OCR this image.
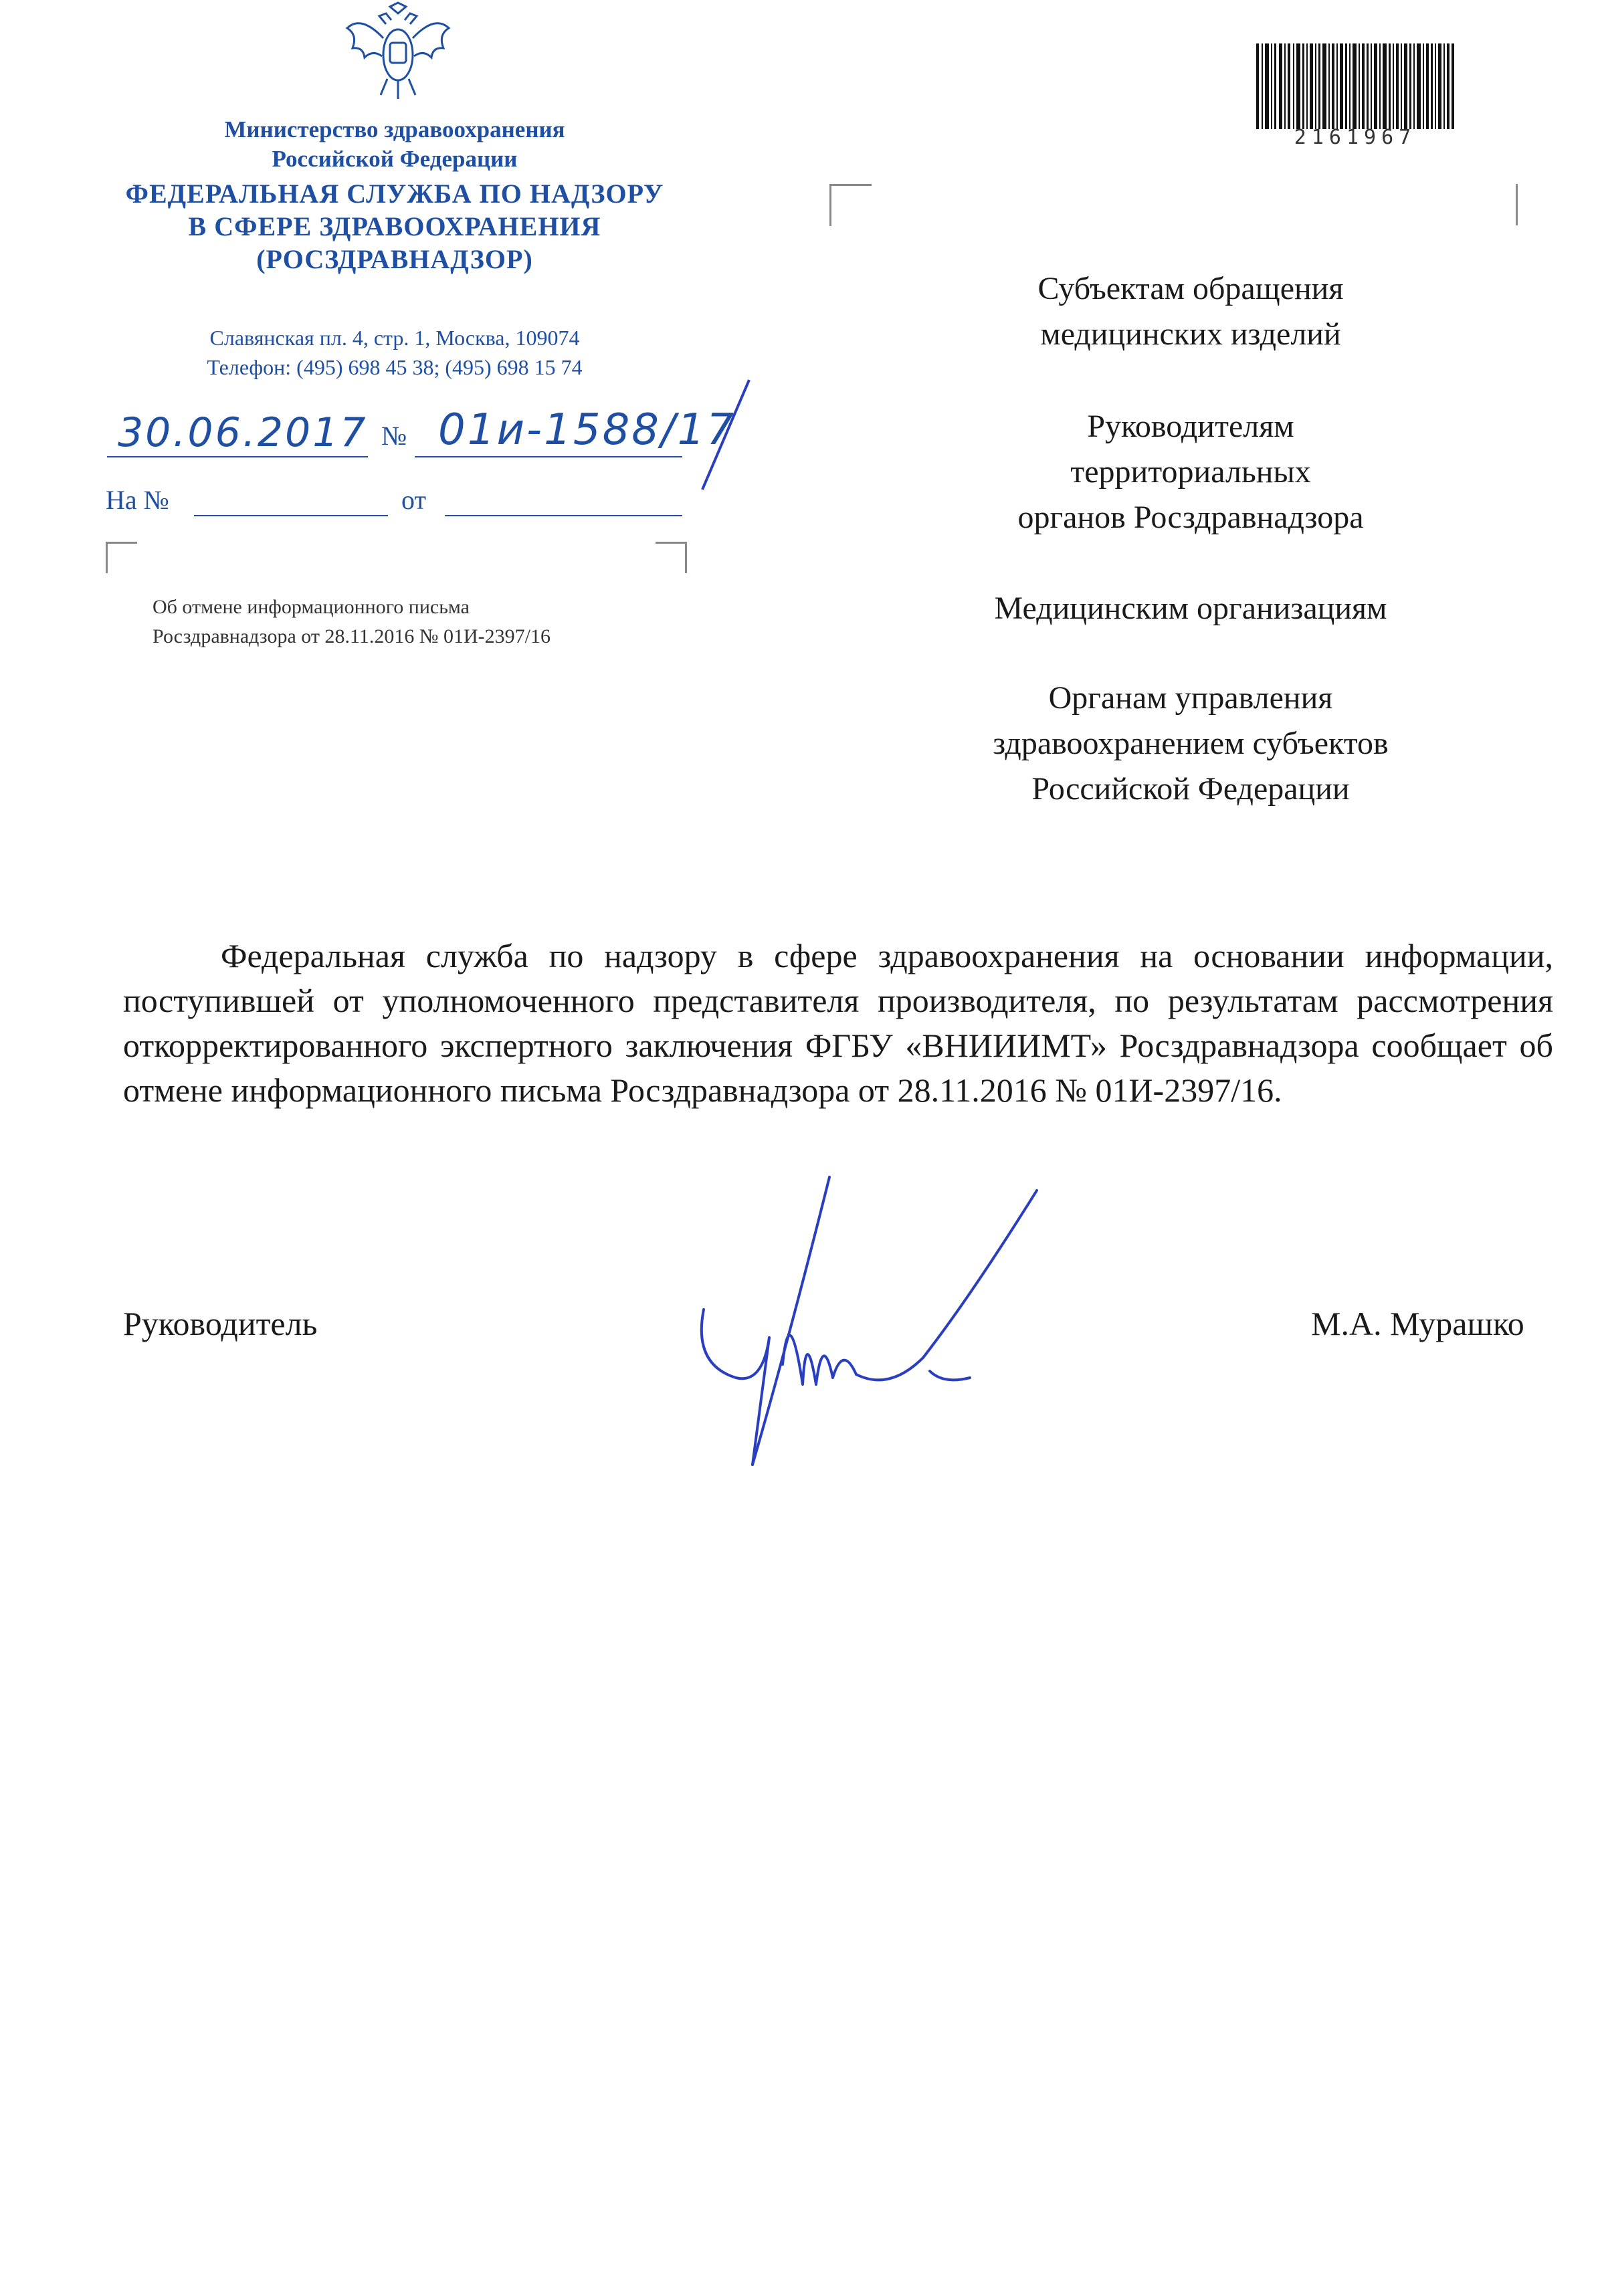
Министерство здравоохранения
Российской Федерации
ФЕДЕРАЛЬНАЯ СЛУЖБА ПО НАДЗОРУ
В СФЕРЕ ЗДРАВООХРАНЕНИЯ
(РОСЗДРАВНАДЗОР)
Славянская пл. 4, стр. 1, Москва, 109074
Телефон: (495) 698 45 38; (495) 698 15 74
30.06.2017 № 01и-1588/17
На №	от
Об отмене информационного письма
Росздравнадзора от 28.11.2016 № 01И-2397/16
2161967
Субъектам обращения
медицинских изделий
Руководителям
территориальных
органов Росздравнадзора
Медицинским организациям
Органам управления
здравоохранением субъектов
Российской Федерации
Федеральная служба по надзору в сфере здравоохранения на основании информации, поступившей от уполномоченного представителя производителя, по результатам рассмотрения откорректированного экспертного заключения ФГБУ «ВНИИИМТ» Росздравнадзора сообщает об отмене информационного письма Росздравнадзора от 28.11.2016 № 01И-2397/16.
Руководитель	М.А. Мурашко
